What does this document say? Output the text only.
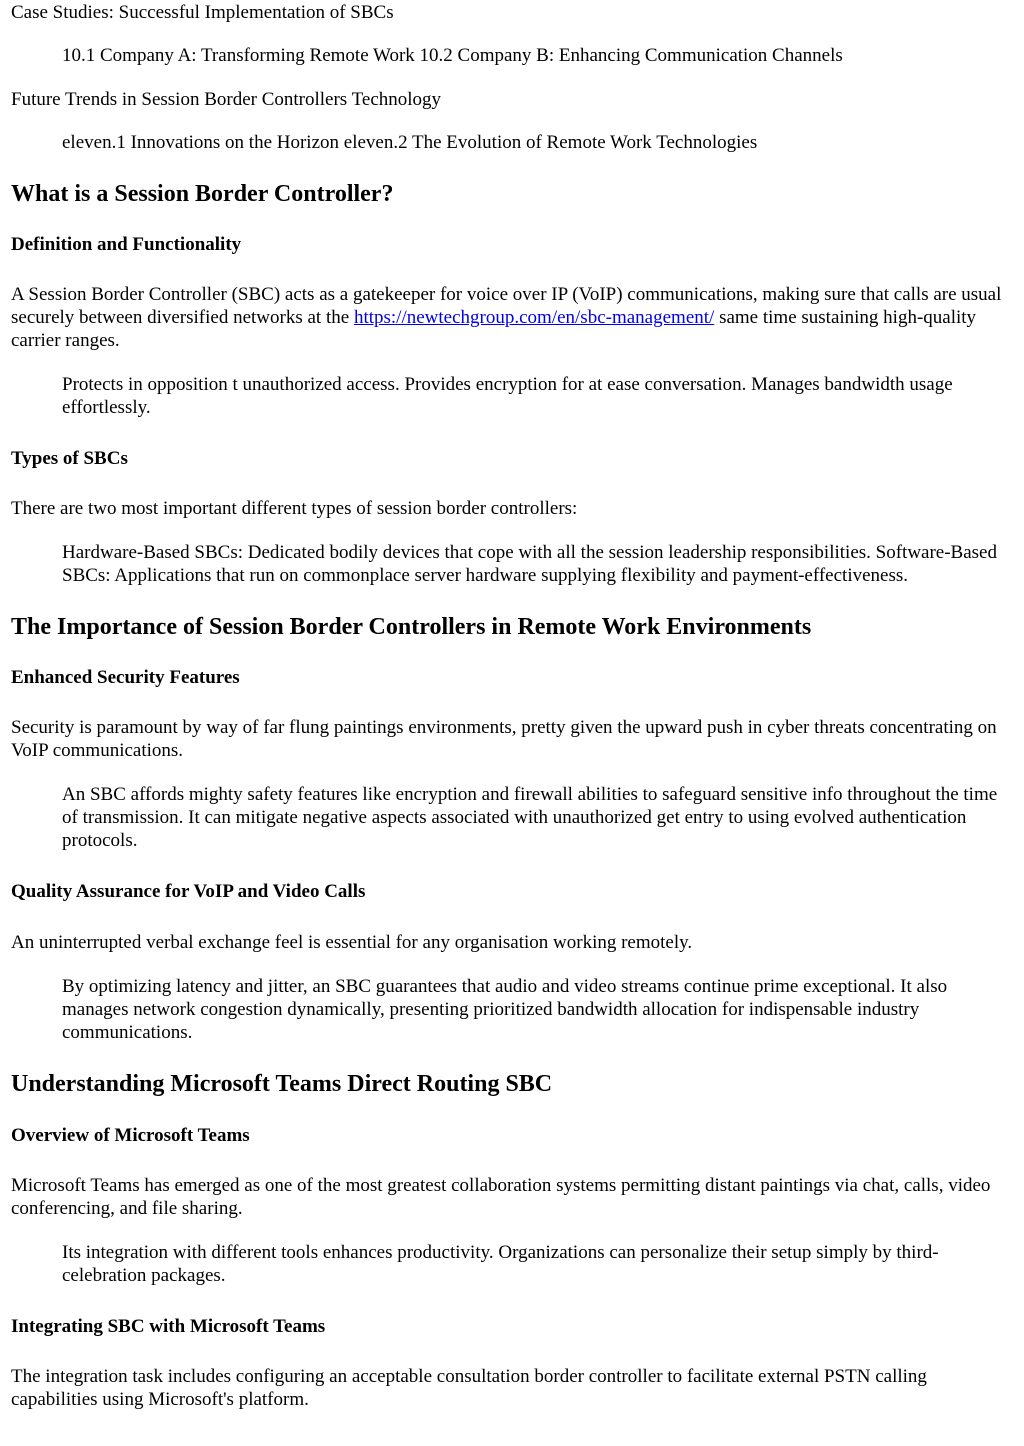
Case Studies: Successful Implementation of SBCs

10.1 Company A: Transforming Remote Work 10.2 Company B: Enhancing Communication Channels

Future Trends in Session Border Controllers Technology

eleven.1 Innovations on the Horizon eleven.2 The Evolution of Remote Work Technologies

What is a Session Border Controller?
Definition and Functionality

A Session Border Controller (SBC) acts as a gatekeeper for voice over IP (VoIP) communications, making sure that calls are usual securely between diversified networks at the https://newtechgroup.com/en/sbc-management/ same time sustaining high-quality carrier ranges.

Protects in opposition t unauthorized access. Provides encryption for at ease conversation. Manages bandwidth usage effortlessly.

Types of SBCs

There are two most important different types of session border controllers:

Hardware-Based SBCs: Dedicated bodily devices that cope with all the session leadership responsibilities. Software-Based SBCs: Applications that run on commonplace server hardware supplying flexibility and payment-effectiveness.

The Importance of Session Border Controllers in Remote Work Environments
Enhanced Security Features

Security is paramount by way of far flung paintings environments, pretty given the upward push in cyber threats concentrating on VoIP communications.

An SBC affords mighty safety features like encryption and firewall abilities to safeguard sensitive info throughout the time of transmission. It can mitigate negative aspects associated with unauthorized get entry to using evolved authentication protocols.

Quality Assurance for VoIP and Video Calls

An uninterrupted verbal exchange feel is essential for any organisation working remotely.

By optimizing latency and jitter, an SBC guarantees that audio and video streams continue prime exceptional. It also manages network congestion dynamically, presenting prioritized bandwidth allocation for indispensable industry communications.

Understanding Microsoft Teams Direct Routing SBC
Overview of Microsoft Teams

Microsoft Teams has emerged as one of the most greatest collaboration systems permitting distant paintings via chat, calls, video conferencing, and file sharing.

Its integration with different tools enhances productivity. Organizations can personalize their setup simply by third-celebration packages.

Integrating SBC with Microsoft Teams

The integration task includes configuring an acceptable consultation border controller to facilitate external PSTN calling capabilities using Microsoft's platform.
